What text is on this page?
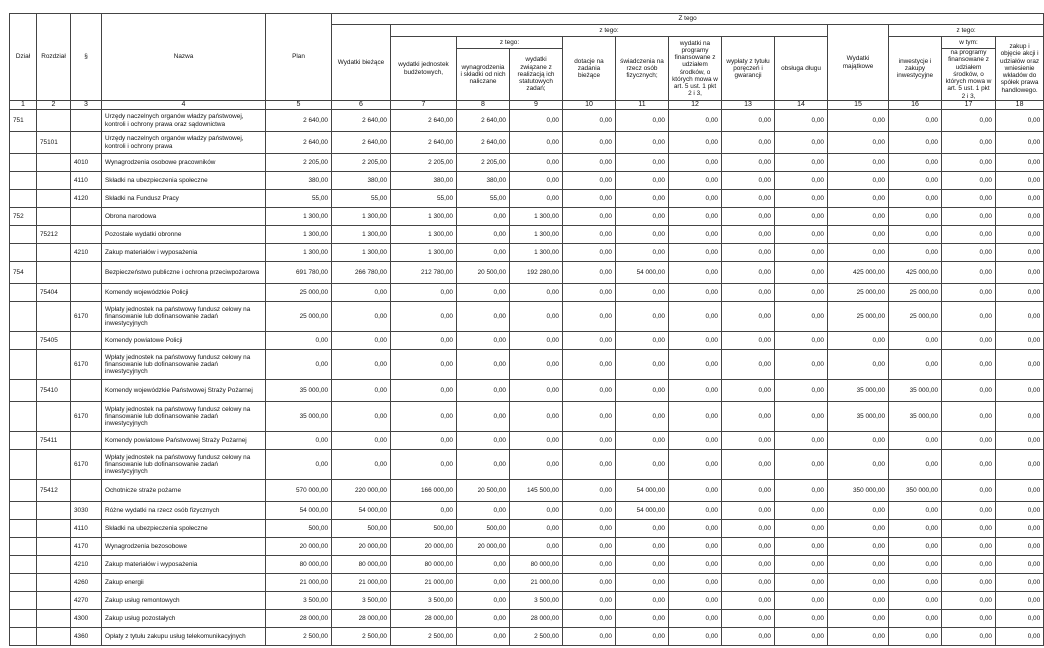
Dział	Rozdział	§	Nazwa	Plan	Z tego												
					Wydatki bieżące	z tego:								Wydatki majątkowe	z tego:		
						wydatki jednostek budżetowych,	z tego:		dotacje na zadania bieżące	świadczenia na rzecz osób fizycznych;	wydatki na programy finansowane z udziałem środków, o których mowa w art. 5 ust. 1 pkt 2 i 3,	wypłaty z tytułu poręczeń i gwarancji	obsługa długu		inwestycje i zakupy inwestycyjne	w tym:	zakup i objęcie akcji i udziałów oraz wniesienie wkładów do spółek prawa handlowego.
							wynagrodzenia i składki od nich naliczane	wydatki związane z realizacją ich statutowych zadań;								na programy finansowane z udziałem środków, o których mowa w art. 5 ust. 1 pkt 2 i 3,	

1	2	3	4	5	6	7	8	9	10	11	12	13	14	15	16	17	18
751			Urzędy naczelnych organów władzy państwowej, kontroli i ochrony prawa oraz sądownictwa	2 640,00	2 640,00	2 640,00	2 640,00	0,00	0,00	0,00	0,00	0,00	0,00	0,00	0,00	0,00	0,00
	75101		Urzędy naczelnych organów władzy państwowej, kontroli i ochrony prawa	2 640,00	2 640,00	2 640,00	2 640,00	0,00	0,00	0,00	0,00	0,00	0,00	0,00	0,00	0,00	0,00
		4010	Wynagrodzenia osobowe pracowników	2 205,00	2 205,00	2 205,00	2 205,00	0,00	0,00	0,00	0,00	0,00	0,00	0,00	0,00	0,00	0,00
		4110	Składki na ubezpieczenia społeczne	380,00	380,00	380,00	380,00	0,00	0,00	0,00	0,00	0,00	0,00	0,00	0,00	0,00	0,00
		4120	Składki na Fundusz Pracy	55,00	55,00	55,00	55,00	0,00	0,00	0,00	0,00	0,00	0,00	0,00	0,00	0,00	0,00
752			Obrona narodowa	1 300,00	1 300,00	1 300,00	0,00	1 300,00	0,00	0,00	0,00	0,00	0,00	0,00	0,00	0,00	0,00
	75212		Pozostałe wydatki obronne	1 300,00	1 300,00	1 300,00	0,00	1 300,00	0,00	0,00	0,00	0,00	0,00	0,00	0,00	0,00	0,00
		4210	Zakup materiałów i wyposażenia	1 300,00	1 300,00	1 300,00	0,00	1 300,00	0,00	0,00	0,00	0,00	0,00	0,00	0,00	0,00	0,00
754			Bezpieczeństwo publiczne i ochrona przeciwpożarowa	691 780,00	266 780,00	212 780,00	20 500,00	192 280,00	0,00	54 000,00	0,00	0,00	0,00	425 000,00	425 000,00	0,00	0,00
	75404		Komendy wojewódzkie Policji	25 000,00	0,00	0,00	0,00	0,00	0,00	0,00	0,00	0,00	0,00	25 000,00	25 000,00	0,00	0,00
		6170	Wpłaty jednostek na państwowy fundusz celowy na finansowanie lub dofinansowanie zadań inwestycyjnych	25 000,00	0,00	0,00	0,00	0,00	0,00	0,00	0,00	0,00	0,00	25 000,00	25 000,00	0,00	0,00
	75405		Komendy powiatowe Policji	0,00	0,00	0,00	0,00	0,00	0,00	0,00	0,00	0,00	0,00	0,00	0,00	0,00	0,00
		6170	Wpłaty jednostek na państwowy fundusz celowy na finansowanie lub dofinansowanie zadań inwestycyjnych	0,00	0,00	0,00	0,00	0,00	0,00	0,00	0,00	0,00	0,00	0,00	0,00	0,00	0,00
	75410		Komendy wojewódzkie Państwowej Straży Pożarnej	35 000,00	0,00	0,00	0,00	0,00	0,00	0,00	0,00	0,00	0,00	35 000,00	35 000,00	0,00	0,00
		6170	Wpłaty jednostek na państwowy fundusz celowy na finansowanie lub dofinansowanie zadań inwestycyjnych	35 000,00	0,00	0,00	0,00	0,00	0,00	0,00	0,00	0,00	0,00	35 000,00	35 000,00	0,00	0,00
	75411		Komendy powiatowe Państwowej Straży Pożarnej	0,00	0,00	0,00	0,00	0,00	0,00	0,00	0,00	0,00	0,00	0,00	0,00	0,00	0,00
		6170	Wpłaty jednostek na państwowy fundusz celowy na finansowanie lub dofinansowanie zadań inwestycyjnych	0,00	0,00	0,00	0,00	0,00	0,00	0,00	0,00	0,00	0,00	0,00	0,00	0,00	0,00
	75412		Ochotnicze straże pożarne	570 000,00	220 000,00	166 000,00	20 500,00	145 500,00	0,00	54 000,00	0,00	0,00	0,00	350 000,00	350 000,00	0,00	0,00
		3030	Różne wydatki na rzecz osób fizycznych	54 000,00	54 000,00	0,00	0,00	0,00	0,00	54 000,00	0,00	0,00	0,00	0,00	0,00	0,00	0,00
		4110	Składki na ubezpieczenia społeczne	500,00	500,00	500,00	500,00	0,00	0,00	0,00	0,00	0,00	0,00	0,00	0,00	0,00	0,00
		4170	Wynagrodzenia bezosobowe	20 000,00	20 000,00	20 000,00	20 000,00	0,00	0,00	0,00	0,00	0,00	0,00	0,00	0,00	0,00	0,00
		4210	Zakup materiałów i wyposażenia	80 000,00	80 000,00	80 000,00	0,00	80 000,00	0,00	0,00	0,00	0,00	0,00	0,00	0,00	0,00	0,00
		4260	Zakup energii	21 000,00	21 000,00	21 000,00	0,00	21 000,00	0,00	0,00	0,00	0,00	0,00	0,00	0,00	0,00	0,00
		4270	Zakup usług remontowych	3 500,00	3 500,00	3 500,00	0,00	3 500,00	0,00	0,00	0,00	0,00	0,00	0,00	0,00	0,00	0,00
		4300	Zakup usług pozostałych	28 000,00	28 000,00	28 000,00	0,00	28 000,00	0,00	0,00	0,00	0,00	0,00	0,00	0,00	0,00	0,00
		4360	Opłaty z tytułu zakupu usług telekomunikacyjnych	2 500,00	2 500,00	2 500,00	0,00	2 500,00	0,00	0,00	0,00	0,00	0,00	0,00	0,00	0,00	0,00
